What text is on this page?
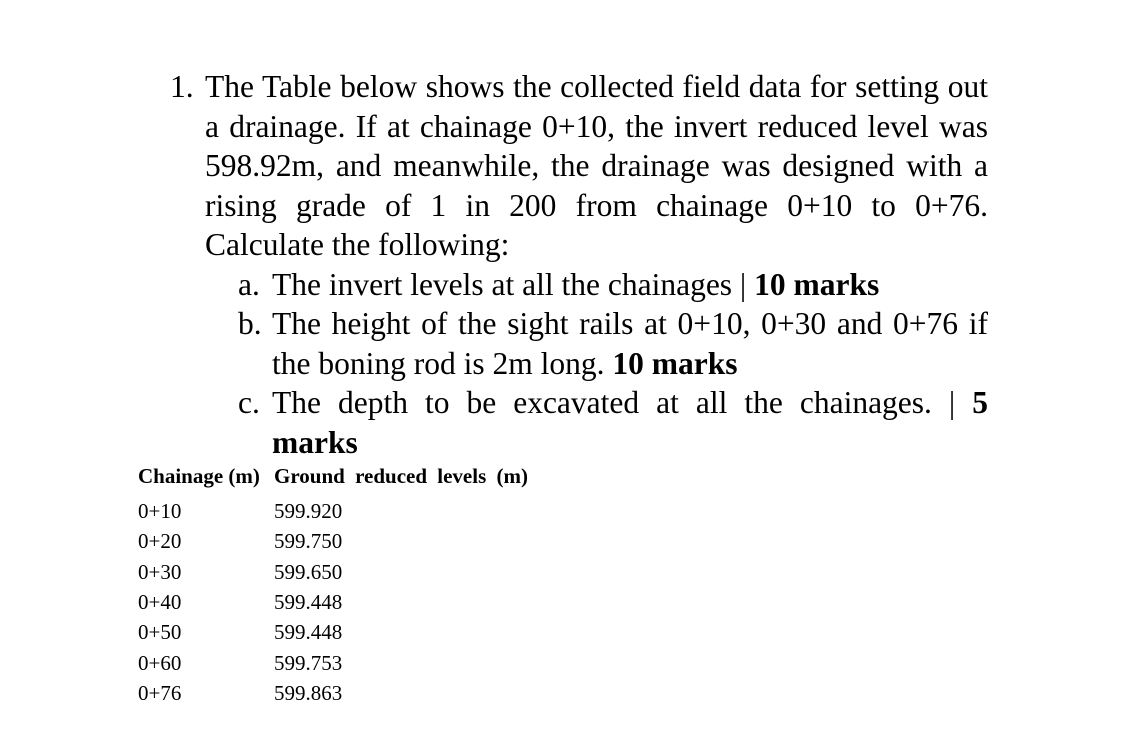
1. The Table below shows the collected field data for setting out a drainage. If at chainage 0+10, the invert reduced level was 598.92m, and meanwhile, the drainage was designed with a rising grade of 1 in 200 from chainage 0+10 to 0+76. Calculate the following:
a. The invert levels at all the chainages | 10 marks
b. The height of the sight rails at 0+10, 0+30 and 0+76 if the boning rod is 2m long. 10 marks
c. The depth to be excavated at all the chainages. | 5 marks
Chainage (m)	Ground reduced levels (m)

0+10	599.920
0+20	599.750
0+30	599.650
0+40	599.448
0+50	599.448
0+60	599.753
0+76	599.863
